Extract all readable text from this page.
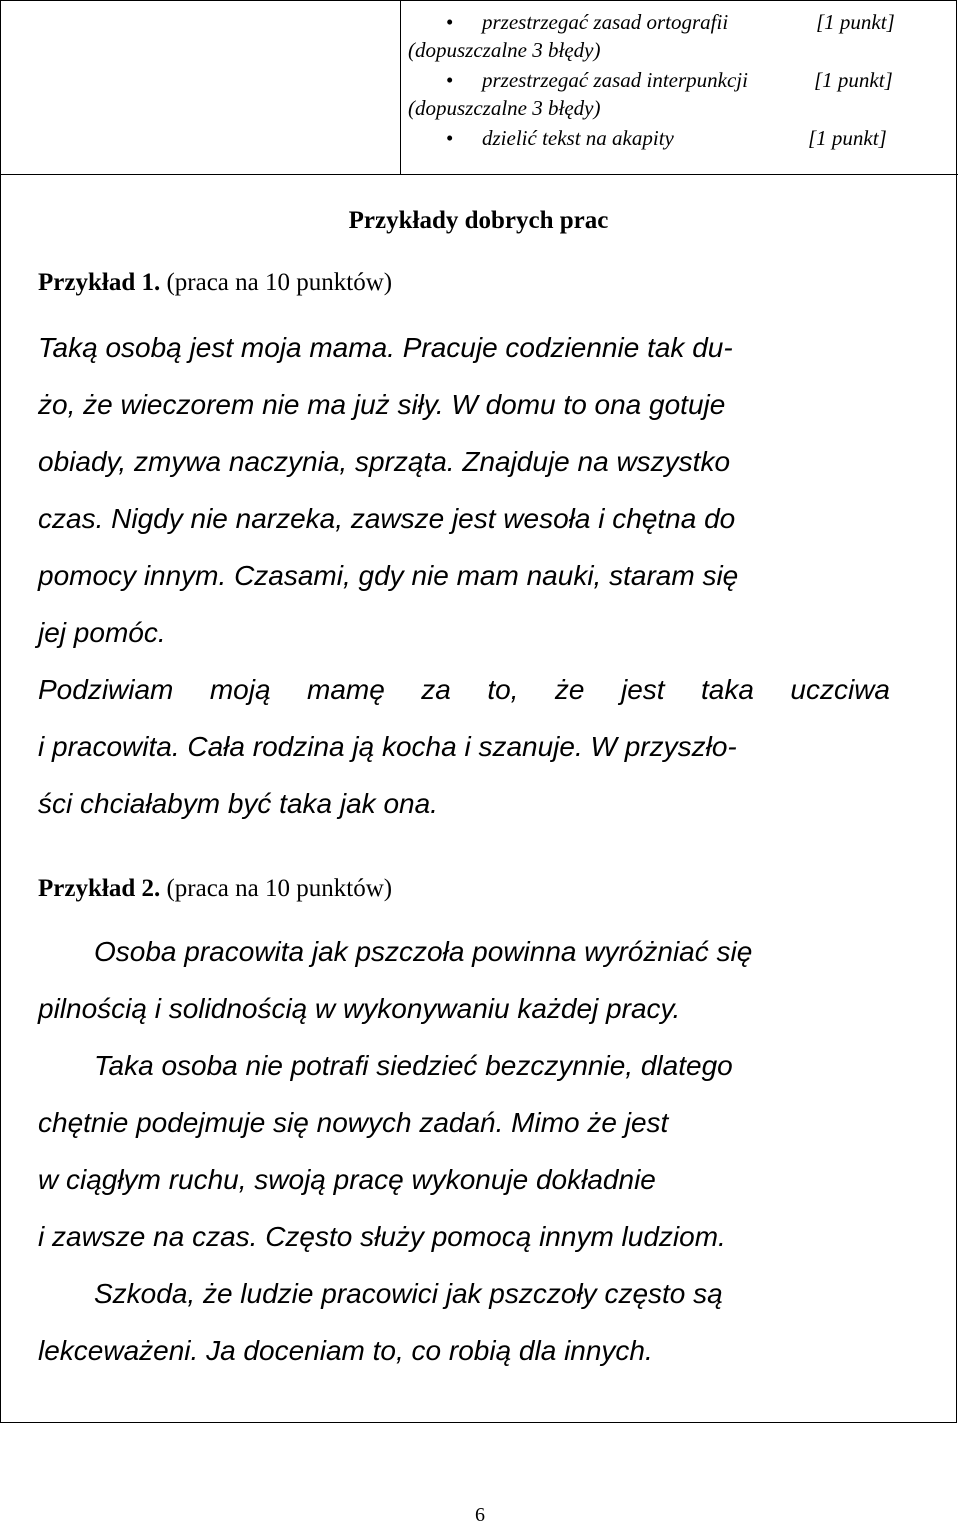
• przestrzegać zasad ortografii	[1 punkt]
(dopuszczalne 3 błędy)
• przestrzegać zasad interpunkcji	[1 punkt]
(dopuszczalne 3 błędy)
• dzielić tekst na akapity	[1 punkt]
Przykłady dobrych prac
Przykład 1. (praca na 10 punktów)
Taką osobą jest moja mama. Pracuje codziennie tak du-
żo, że wieczorem nie ma już siły. W domu to ona gotuje
obiady, zmywa naczynia, sprząta. Znajduje na wszystko
czas. Nigdy nie narzeka, zawsze jest wesoła i chętna do
pomocy innym. Czasami, gdy nie mam nauki, staram się
jej pomóc.
Podziwiam moją mamę za to, że jest taka uczciwa
i pracowita. Cała rodzina ją kocha i szanuje. W przyszło-
ści chciałabym być taka jak ona.
Przykład 2. (praca na 10 punktów)
Osoba pracowita jak pszczoła powinna wyróżniać się
pilnością i solidnością w wykonywaniu każdej pracy.
Taka osoba nie potrafi siedzieć bezczynnie, dlatego
chętnie podejmuje się nowych zadań. Mimo że jest
w ciągłym ruchu, swoją pracę wykonuje dokładnie
i zawsze na czas. Często służy pomocą innym ludziom.
Szkoda, że ludzie pracowici jak pszczoły często są
lekceważeni. Ja doceniam to, co robią dla innych.
6
